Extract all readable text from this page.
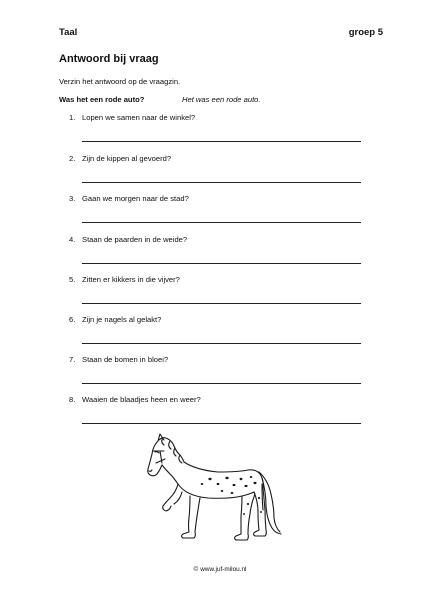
Taal	groep 5
Antwoord bij vraag
Verzin het antwoord op de vraagzin.
Was het een rode auto?	Het was een rode auto.
1. Lopen we samen naar de winkel?
2. Zijn de kippen al gevoerd?
3. Gaan we morgen naar de stad?
4. Staan de paarden in de weide?
5. Zitten er kikkers in die vijver?
6. Zijn je nagels al gelakt?
7. Staan de bomen in bloei?
8. Waaien de blaadjes heen en weer?
© www.juf-milou.nl
